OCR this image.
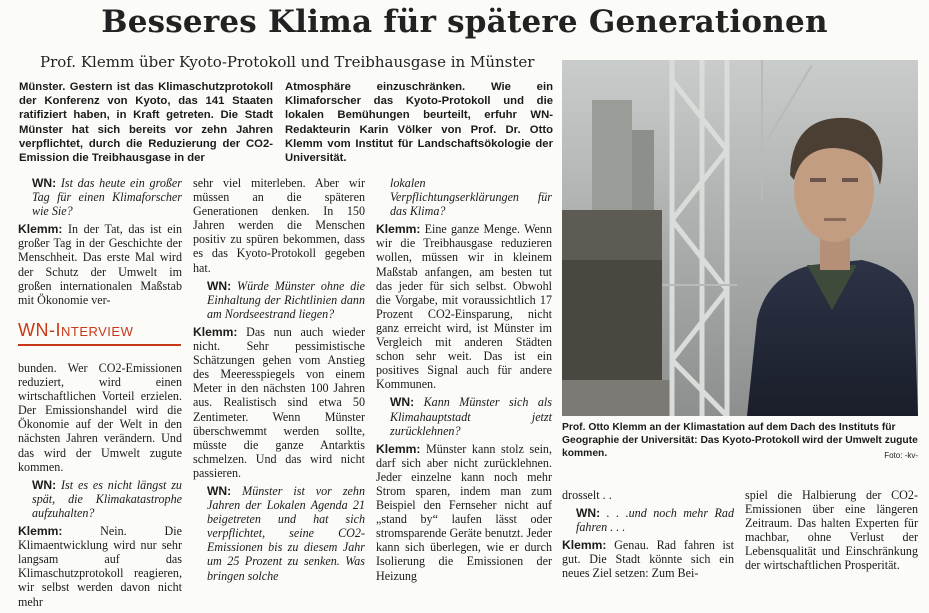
Besseres Klima für spätere Generationen
Prof. Klemm über Kyoto-Protokoll und Treibhausgase in Münster
Münster. Gestern ist das Klimaschutzprotokoll der Konferenz von Kyoto, das 141 Staaten ratifiziert haben, in Kraft getreten. Die Stadt Münster hat sich bereits vor zehn Jahren verpflichtet, durch die Reduzierung der CO2-Emission die Treibhausgase in der
Atmosphäre einzuschränken. Wie ein Klimaforscher das Kyoto-Protokoll und die lokalen Bemühungen beurteilt, erfuhr WN-Redakteurin Karin Völker von Prof. Dr. Otto Klemm vom Institut für Landschaftsökologie der Universität.

WN: Ist das heute ein großer Tag für einen Klimaforscher wie Sie?

Klemm: In der Tat, das ist ein großer Tag in der Geschichte der Menschheit. Das erste Mal wird der Schutz der Umwelt im großen internationalen Maßstab mit Ökonomie ver-

WN-INTERVIEW

bunden. Wer CO2-Emissionen reduziert, wird einen wirtschaftlichen Vorteil erzielen. Der Emissionshandel wird die Ökonomie auf der Welt in den nächsten Jahren verändern. Und das wird der Umwelt zugute kommen.

WN: Ist es es nicht längst zu spät, die Klimakatastrophe aufzuhalten?

Klemm:	Nein. Die Klimaentwicklung wird nur sehr langsam auf das Klimaschutzprotokoll reagieren, wir selbst werden davon nicht mehr

sehr viel miterleben. Aber wir müssen an die späteren Generationen denken. In 150 Jahren werden die Menschen positiv zu spüren bekommen, dass es das Kyoto-Protokoll gegeben hat.

WN: Würde Münster ohne die Einhaltung der Richtlinien dann am Nordseestrand liegen?

Klemm: Das nun auch wieder nicht. Sehr pessimistische Schätzungen gehen vom Anstieg des Meeresspiegels von einem Meter in den nächsten 100 Jahren aus. Realistisch sind etwa 50 Zentimeter. Wenn Münster überschwemmt werden sollte, müsste die ganze Antarktis schmelzen. Und das wird nicht passieren.

WN: Münster ist vor zehn Jahren der Lokalen Agenda 21 beigetreten und hat sich verpflichtet, seine CO2-Emissionen bis zu diesem Jahr um 25 Prozent zu senken. Was bringen solche

lokalen Verpflichtungserklärungen für das Klima?

Klemm: Eine ganze Menge. Wenn wir die Treibhausgase reduzieren wollen, müssen wir in kleinem Maßstab anfangen, am besten tut das jeder für sich selbst. Obwohl die Vorgabe, mit voraussichtlich 17 Prozent CO2-Einsparung, nicht ganz erreicht wird, ist Münster im Vergleich mit anderen Städten schon sehr weit. Das ist ein positives Signal auch für andere Kommunen.

WN: Kann Münster sich als Klimahauptstadt jetzt zurücklehnen?

Klemm: Münster kann stolz sein, darf sich aber nicht zurücklehnen. Jeder einzelne kann noch mehr Strom sparen, indem man zum Beispiel den Fernseher nicht auf „stand by“ laufen lässt oder stromsparende Geräte benutzt. Jeder kann sich überlegen, wie er durch Isolierung die Emissionen der Heizung

Prof. Otto Klemm an der Klimastation auf dem Dach des Instituts für Geographie der Universität: Das Kyoto-Protokoll wird der Umwelt zugute kommen.	Foto: -kv-

drosselt . .

WN: . . .und noch mehr Rad fahren . . .

Klemm: Genau. Rad fahren ist gut. Die Stadt könnte sich ein neues Ziel setzen: Zum Bei-

spiel die Halbierung der CO2-Emissionen über eine längeren Zeitraum. Das halten Experten für machbar, ohne Verlust der Lebensqualität und Einschränkung der wirtschaftlichen Prosperität.
